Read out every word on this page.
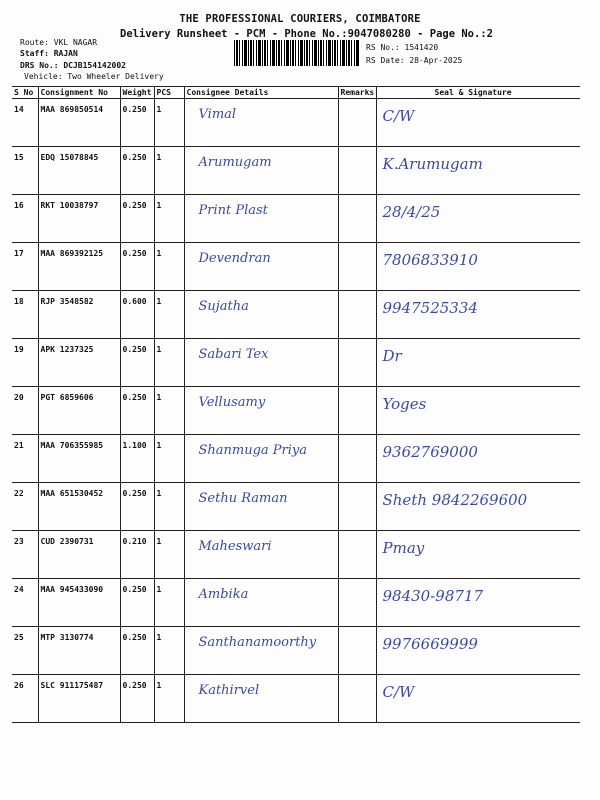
THE PROFESSIONAL COURIERS, COIMBATORE
Delivery Runsheet - PCM - Phone No.:9047080280 - Page No.:2
Route: VKL NAGAR
Staff: RAJAN
DRS No.: DCJB154142002
Vehicle: Two Wheeler Delivery
RS No.: 1541420
RS Date: 28-Apr-2025
S No	Consignment No	Weight	PCS	Consignee Details	Remarks	Seal & Signature
14	MAA 869850514	0.250	1	Vimal		C/W
15	EDQ 15078845	0.250	1	Arumugam		K.Arumugam
16	RKT 10038797	0.250	1	Print Plast		28/4/25
17	MAA 869392125	0.250	1	Devendran		7806833910
18	RJP 3548582	0.600	1	Sujatha		9947525334
19	APK 1237325	0.250	1	Sabari Tex		Dr
20	PGT 6859606	0.250	1	Vellusamy		Yoges
21	MAA 706355985	1.100	1	Shanmuga Priya		9362769000
22	MAA 651530452	0.250	1	Sethu Raman		Sheth 9842269600
23	CUD 2390731	0.210	1	Maheswari		Pmay
24	MAA 945433090	0.250	1	Ambika		98430-98717
25	MTP 3130774	0.250	1	Santhanamoorthy		9976669999
26	SLC 911175487	0.250	1	Kathirvel		C/W
